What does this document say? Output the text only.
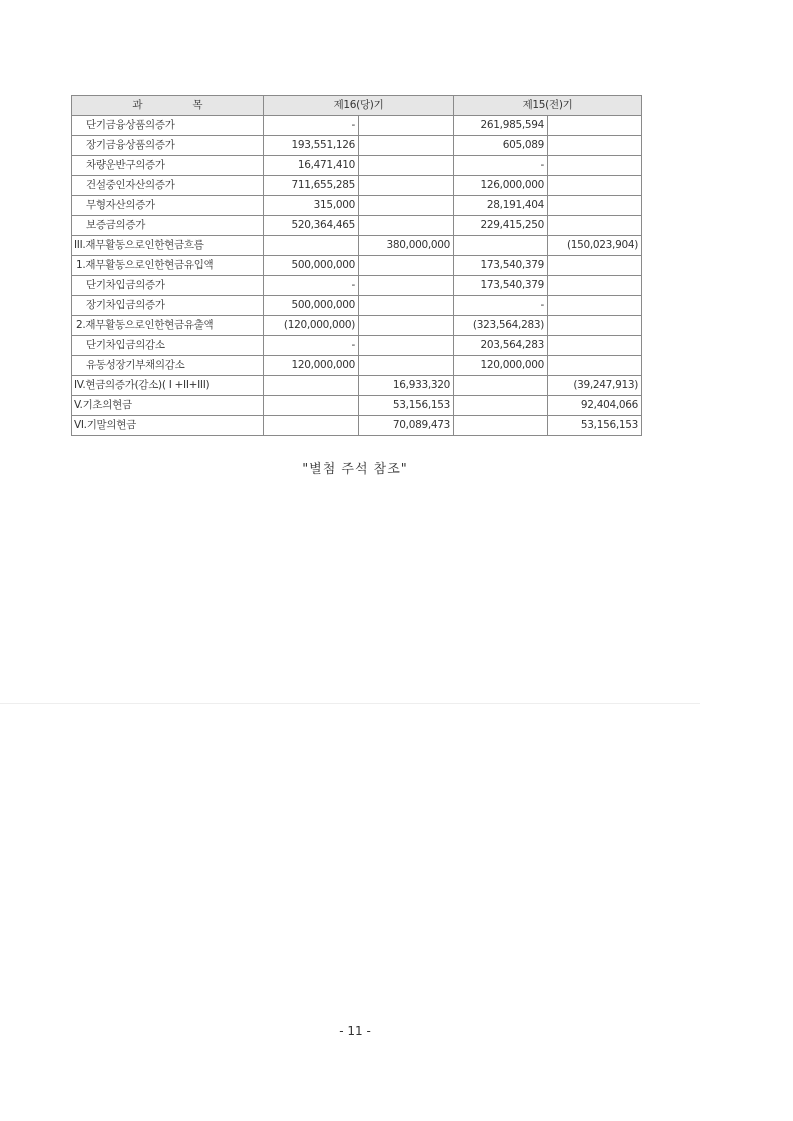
과 목	제16(당)기		제15(전)기	
단기금융상품의증가	-		261,985,594	
장기금융상품의증가	193,551,126		605,089	
차량운반구의증가	16,471,410		-	
건설중인자산의증가	711,655,285		126,000,000	
무형자산의증가	315,000		28,191,404	
보증금의증가	520,364,465		229,415,250	
III.재무활동으로인한현금흐름		380,000,000		(150,023,904)
1.재무활동으로인한현금유입액	500,000,000		173,540,379	
단기차입금의증가	-		173,540,379	
장기차입금의증가	500,000,000		-	
2.재무활동으로인한현금유출액	(120,000,000)		(323,564,283)	
단기차입금의감소	-		203,564,283	
유동성장기부채의감소	120,000,000		120,000,000	
IV.현금의증가(감소)( I +II+III)		16,933,320		(39,247,913)
V.기초의현금		53,156,153		92,404,066
VI.기말의현금		70,089,473		53,156,153
"별첨 주석 참조"
- 11 -
